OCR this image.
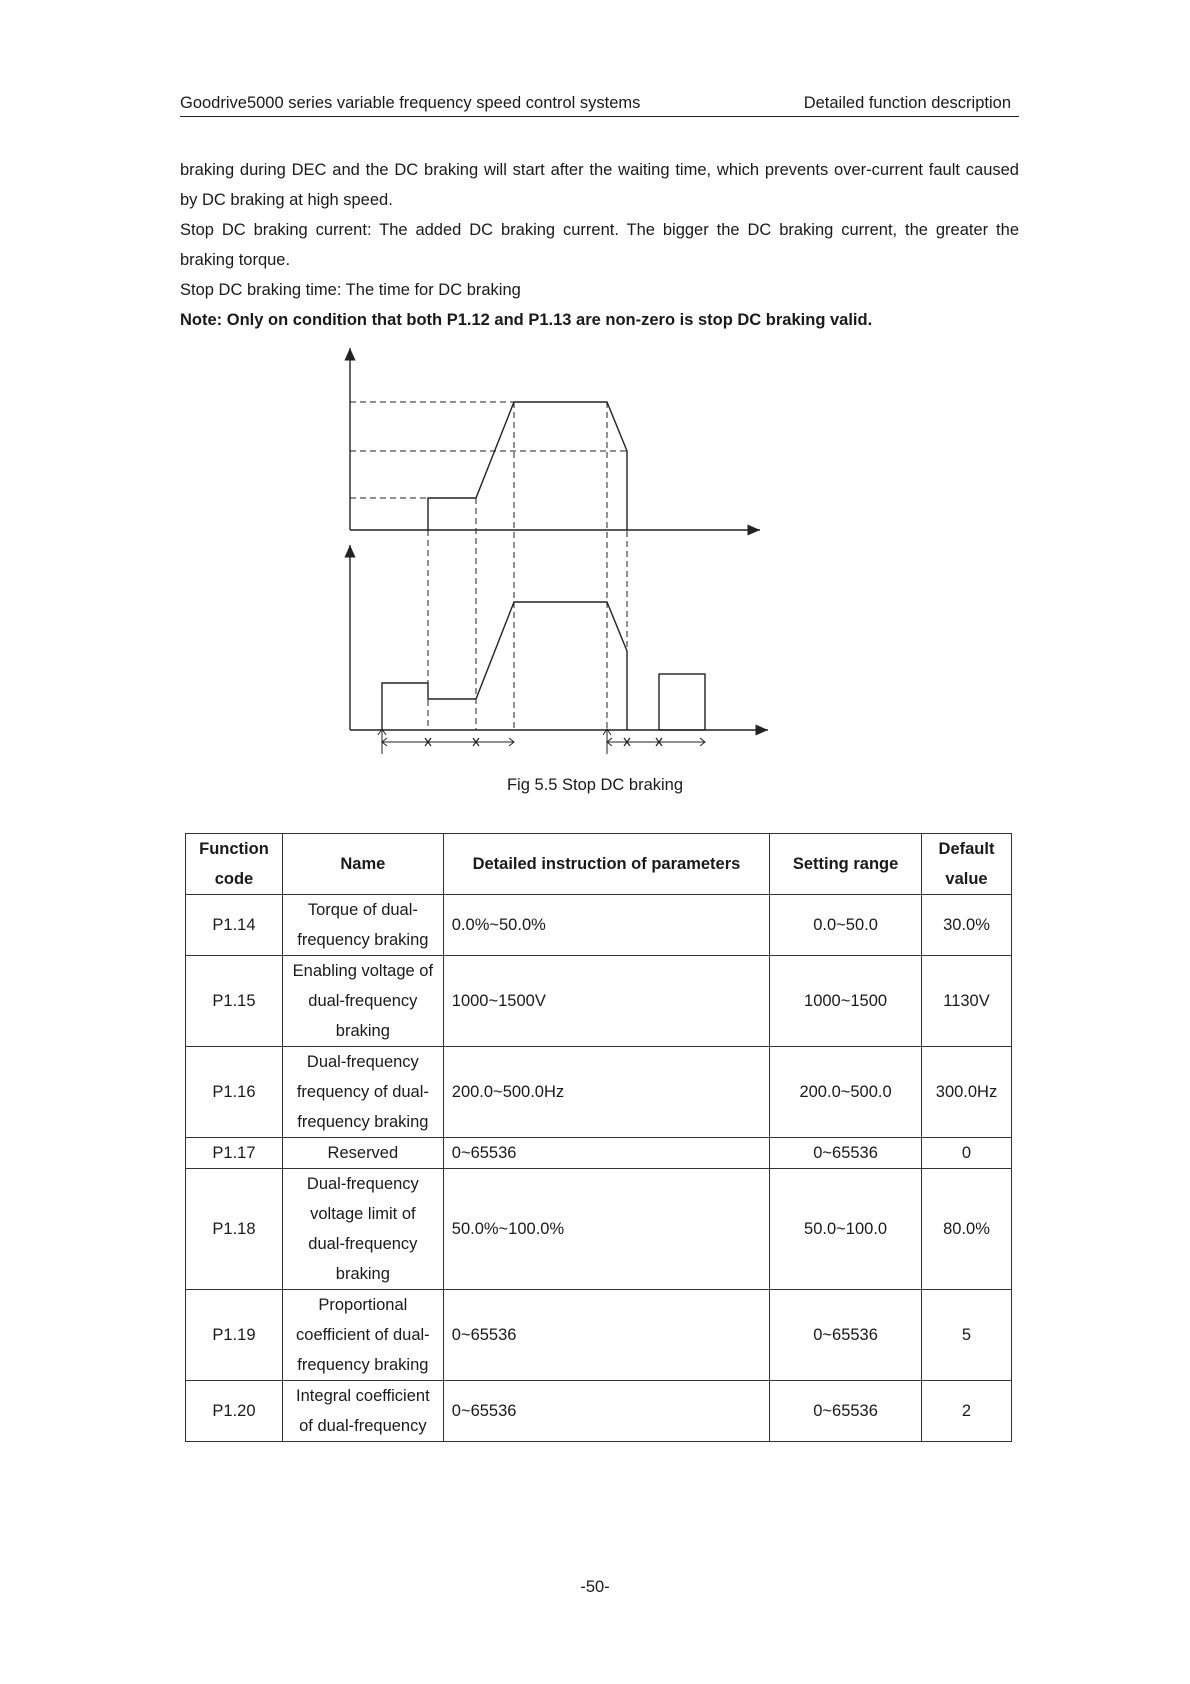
Goodrive5000 series variable frequency speed control systems	Detailed function description

braking during DEC and the DC braking will start after the waiting time, which prevents over-current fault caused by DC braking at high speed.

Stop DC braking current: The added DC braking current. The bigger the DC braking current, the greater the braking torque.

Stop DC braking time: The time for DC braking

Note: Only on condition that both P1.12 and P1.13 are non-zero is stop DC braking valid.

Fig 5.5 Stop DC braking
Function code	Name	Detailed instruction of parameters	Setting range	Default value
P1.14	Torque of dual-frequency braking	0.0%~50.0%	0.0~50.0	30.0%
P1.15	Enabling voltage of dual-frequency braking	1000~1500V	1000~1500	1130V
P1.16	Dual-frequency frequency of dual-frequency braking	200.0~500.0Hz	200.0~500.0	300.0Hz
P1.17	Reserved	0~65536	0~65536	0
P1.18	Dual-frequency voltage limit of dual-frequency braking	50.0%~100.0%	50.0~100.0	80.0%
P1.19	Proportional coefficient of dual-frequency braking	0~65536	0~65536	5
P1.20	Integral coefficient of dual-frequency	0~65536	0~65536	2
-50-
